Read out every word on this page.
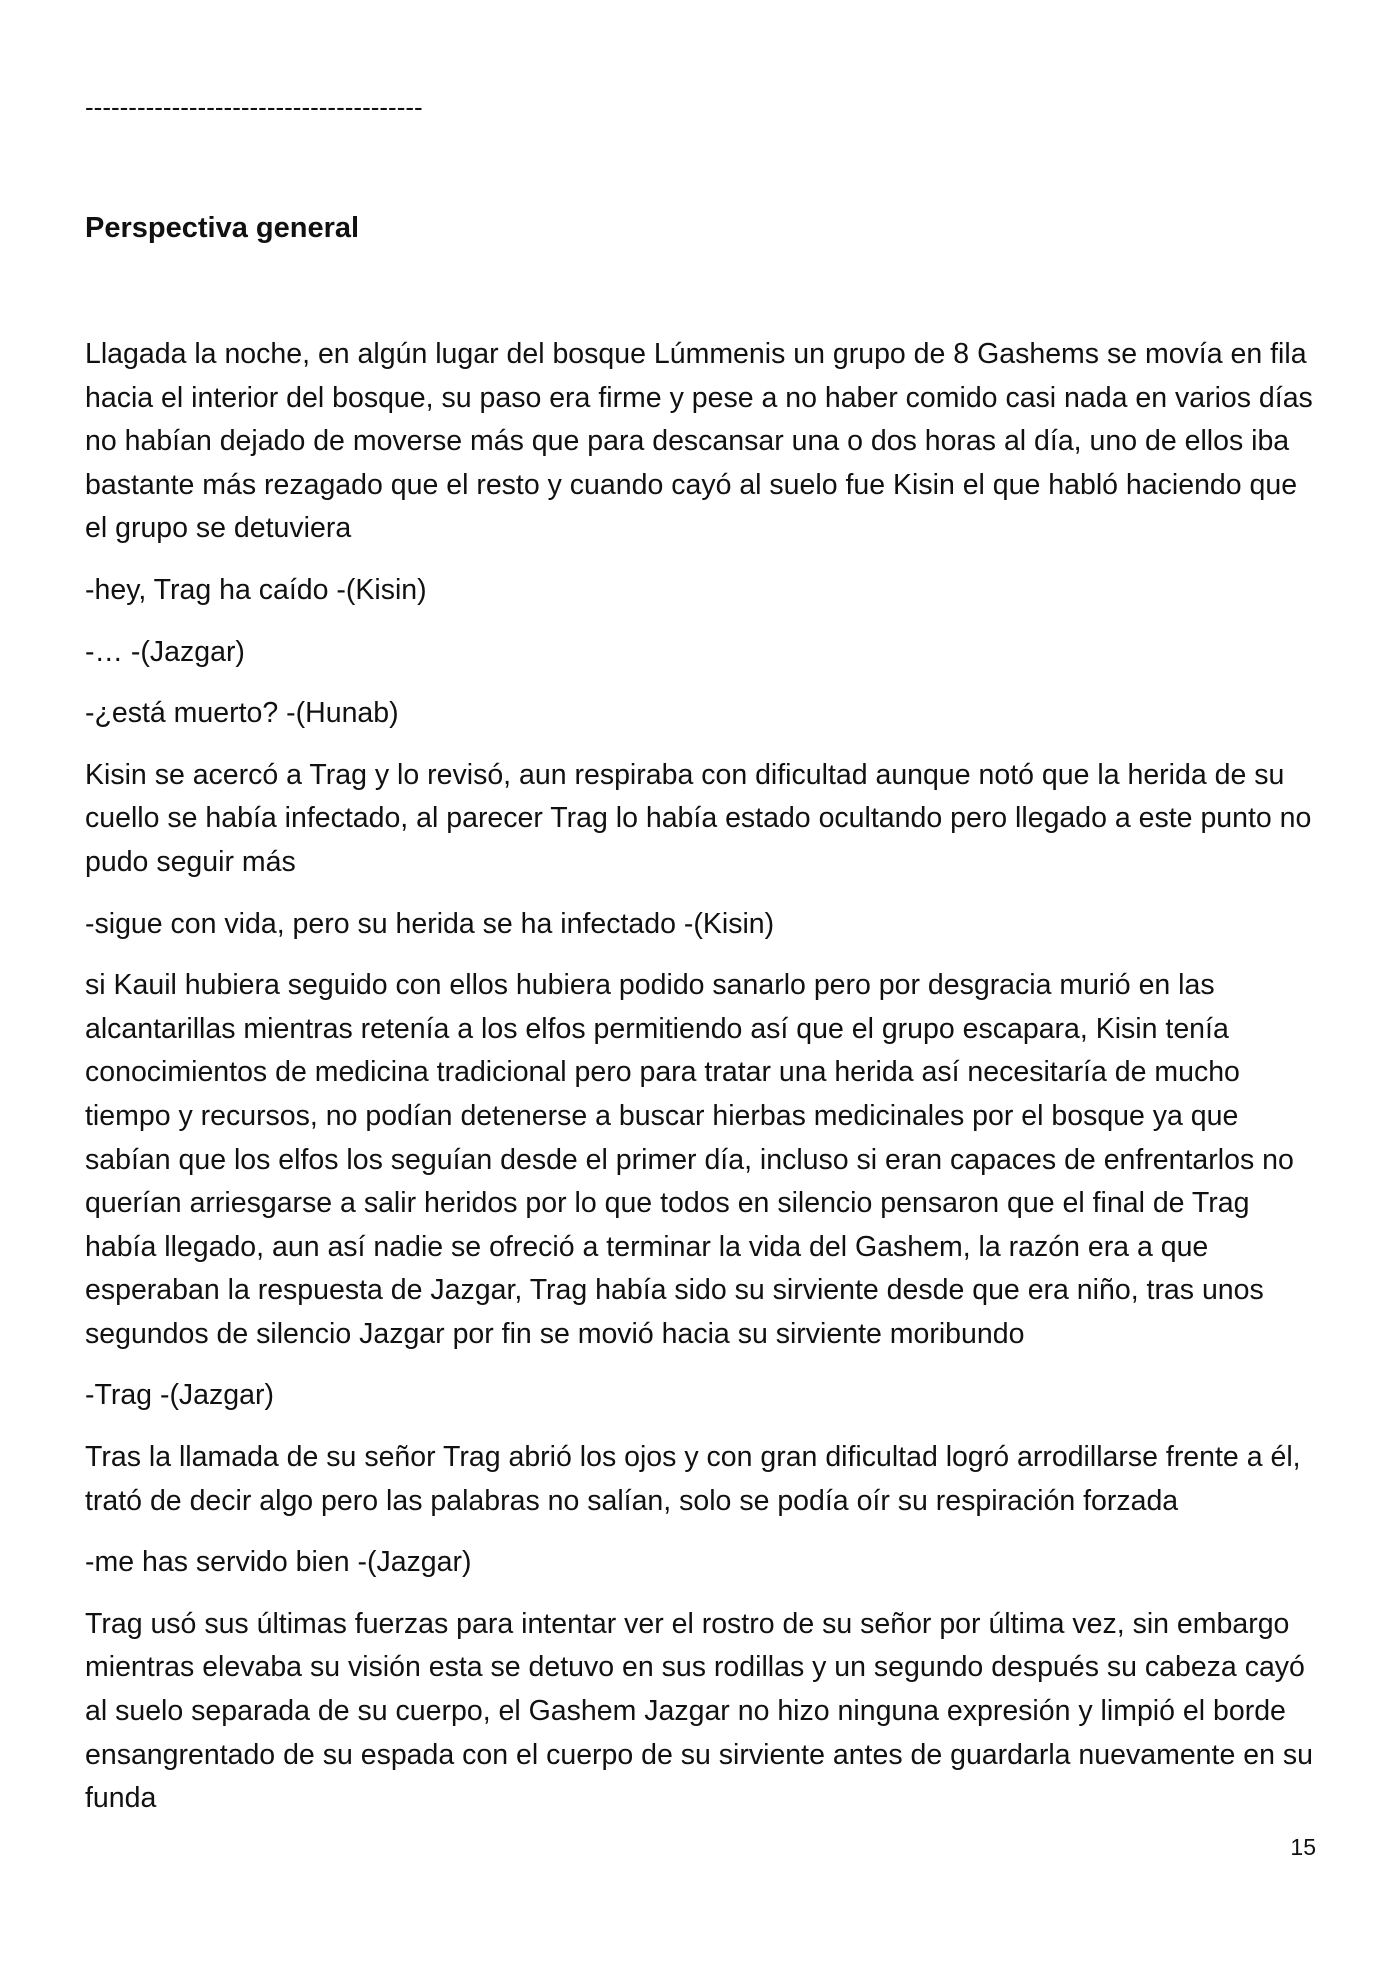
---------------------------------------
Perspectiva general

Llagada la noche, en algún lugar del bosque Lúmmenis un grupo de 8 Gashems se movía en fila hacia el interior del bosque, su paso era firme y pese a no haber comido casi nada en varios días no habían dejado de moverse más que para descansar una o dos horas al día, uno de ellos iba bastante más rezagado que el resto y cuando cayó al suelo fue Kisin el que habló haciendo que el grupo se detuviera

-hey, Trag ha caído -(Kisin)

-… -(Jazgar)

-¿está muerto? -(Hunab)

Kisin se acercó a Trag y lo revisó, aun respiraba con dificultad aunque notó que la herida de su cuello se había infectado, al parecer Trag lo había estado ocultando pero llegado a este punto no pudo seguir más

-sigue con vida, pero su herida se ha infectado -(Kisin)

si Kauil hubiera seguido con ellos hubiera podido sanarlo pero por desgracia murió en las alcantarillas mientras retenía a los elfos permitiendo así que el grupo escapara, Kisin tenía conocimientos de medicina tradicional pero para tratar una herida así necesitaría de mucho tiempo y recursos, no podían detenerse a buscar hierbas medicinales por el bosque ya que sabían que los elfos los seguían desde el primer día, incluso si eran capaces de enfrentarlos no querían arriesgarse a salir heridos por lo que todos en silencio pensaron que el final de Trag había llegado, aun así nadie se ofreció a terminar la vida del Gashem, la razón era a que esperaban la respuesta de Jazgar, Trag había sido su sirviente desde que era niño, tras unos segundos de silencio Jazgar por fin se movió hacia su sirviente moribundo

-Trag -(Jazgar)

Tras la llamada de su señor Trag abrió los ojos y con gran dificultad logró arrodillarse frente a él, trató de decir algo pero las palabras no salían, solo se podía oír su respiración forzada

-me has servido bien -(Jazgar)

Trag usó sus últimas fuerzas para intentar ver el rostro de su señor por última vez, sin embargo mientras elevaba su visión esta se detuvo en sus rodillas y un segundo después su cabeza cayó al suelo separada de su cuerpo, el Gashem Jazgar no hizo ninguna expresión y limpió el borde ensangrentado de su espada con el cuerpo de su sirviente antes de guardarla nuevamente en su funda

15
